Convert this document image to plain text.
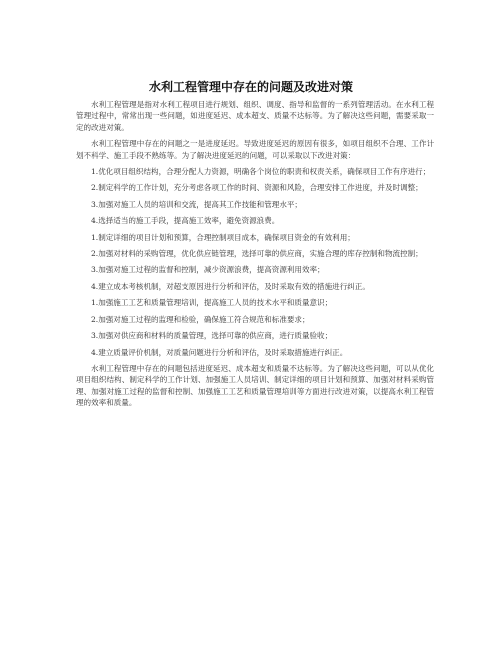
水利工程管理中存在的问题及改进对策

水利工程管理是指对水利工程项目进行规划、组织、调度、指导和监督的一系列管理活动。在水利工程管理过程中，常常出现一些问题，如进度延迟、成本超支、质量不达标等。为了解决这些问题，需要采取一定的改进对策。

水利工程管理中存在的问题之一是进度延迟。导致进度延迟的原因有很多，如项目组织不合理、工作计划不科学、施工手段不熟练等。为了解决进度延迟的问题，可以采取以下改进对策：

1.优化项目组织结构，合理分配人力资源，明确各个岗位的职责和权责关系，确保项目工作有序进行；

2.制定科学的工作计划，充分考虑各项工作的时间、资源和风险，合理安排工作进度，并及时调整；

3.加强对施工人员的培训和交流，提高其工作技能和管理水平；

4.选择适当的施工手段，提高施工效率，避免资源浪费。

1.制定详细的项目计划和预算，合理控制项目成本，确保项目资金的有效利用；

2.加强对材料的采购管理，优化供应链管理，选择可靠的供应商，实施合理的库存控制和物流控制；

3.加强对施工过程的监督和控制，减少资源浪费，提高资源利用效率；

4.建立成本考核机制，对超支原因进行分析和评估，及时采取有效的措施进行纠正。

1.加强施工工艺和质量管理培训，提高施工人员的技术水平和质量意识；

2.加强对施工过程的监理和检验，确保施工符合规范和标准要求；

3.加强对供应商和材料的质量管理，选择可靠的供应商，进行质量验收；

4.建立质量评价机制，对质量问题进行分析和评估，及时采取措施进行纠正。

水利工程管理中存在的问题包括进度延迟、成本超支和质量不达标等。为了解决这些问题，可以从优化项目组织结构、制定科学的工作计划、加强施工人员培训、制定详细的项目计划和预算、加强对材料采购管理、加强对施工过程的监督和控制、加强施工工艺和质量管理培训等方面进行改进对策，以提高水利工程管理的效率和质量。
